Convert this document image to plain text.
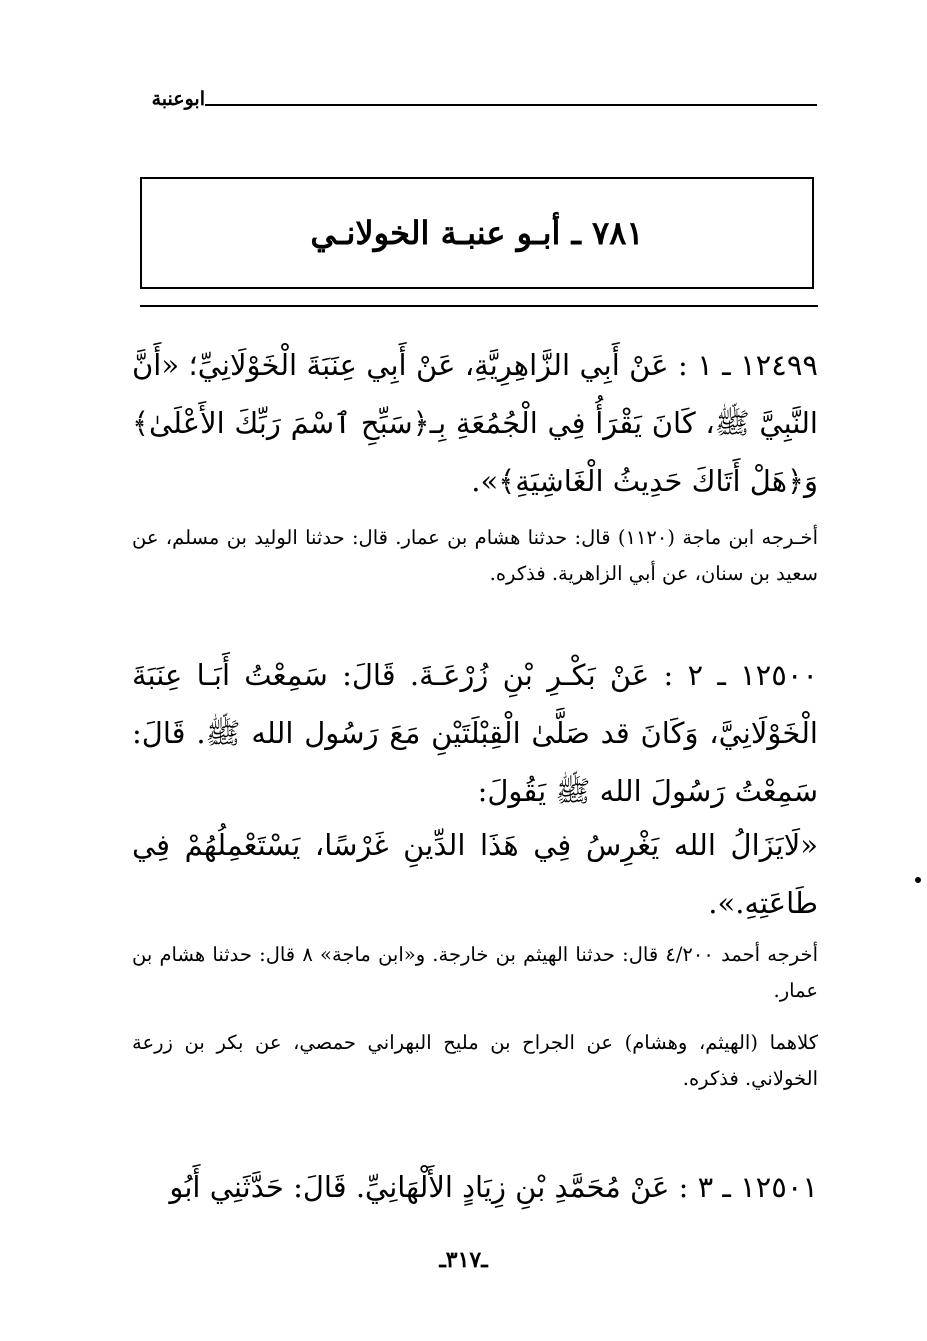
ابوعنبة
٧٨١ ـ أبـو عنبـة الخولانـي

١٢٤٩٩ ـ ١ : عَنْ أَبِي الزَّاهِرِيَّةِ، عَنْ أَبِي عِنَبَةَ الْخَوْلَانِيِّ؛ «أَنَّ النَّبِيَّ ﷺ، كَانَ يَقْرَأُ فِي الْجُمُعَةِ بِـ﴿سَبِّحِ ٱسْمَ رَبِّكَ الأَعْلَىٰ﴾ وَ﴿هَلْ أَتَاكَ حَدِيثُ الْغَاشِيَةِ﴾».

أخـرجه ابن ماجة (١١٢٠) قال: حدثنا هشام بن عمار. قال: حدثنا الوليد بن مسلم، عن سعيد بن سنان، عن أبي الزاهرية. فذكره.

١٢٥٠٠ ـ ٢ : عَنْ بَكْـرِ بْنِ زُرْعَـةَ. قَالَ: سَمِعْتُ أَبَـا عِنَبَةَ الْخَوْلَانِيَّ، وَكَانَ قد صَلَّىٰ الْقِبْلَتَيْنِ مَعَ رَسُول الله ﷺ. قَالَ: سَمِعْتُ رَسُولَ الله ﷺ يَقُولَ:

«لَايَزَالُ الله يَغْرِسُ فِي هَذَا الدِّينِ غَرْسًا، يَسْتَعْمِلُهُمْ فِي طَاعَتِهِ.».

أخرجه أحمد ٤/٢٠٠ قال: حدثنا الهيثم بن خارجة. و«ابن ماجة» ٨ قال: حدثنا هشام بن عمار.

كلاهما (الهيثم، وهشام) عن الجراح بن مليح البهراني حمصي، عن بكر بن زرعة الخولاني. فذكره.

١٢٥٠١ ـ ٣ : عَنْ مُحَمَّدِ بْنِ زِيَادٍ الأَلْهَانِيِّ. قَالَ: حَدَّثَنِي أَبُو

ـ٣١٧ـ
